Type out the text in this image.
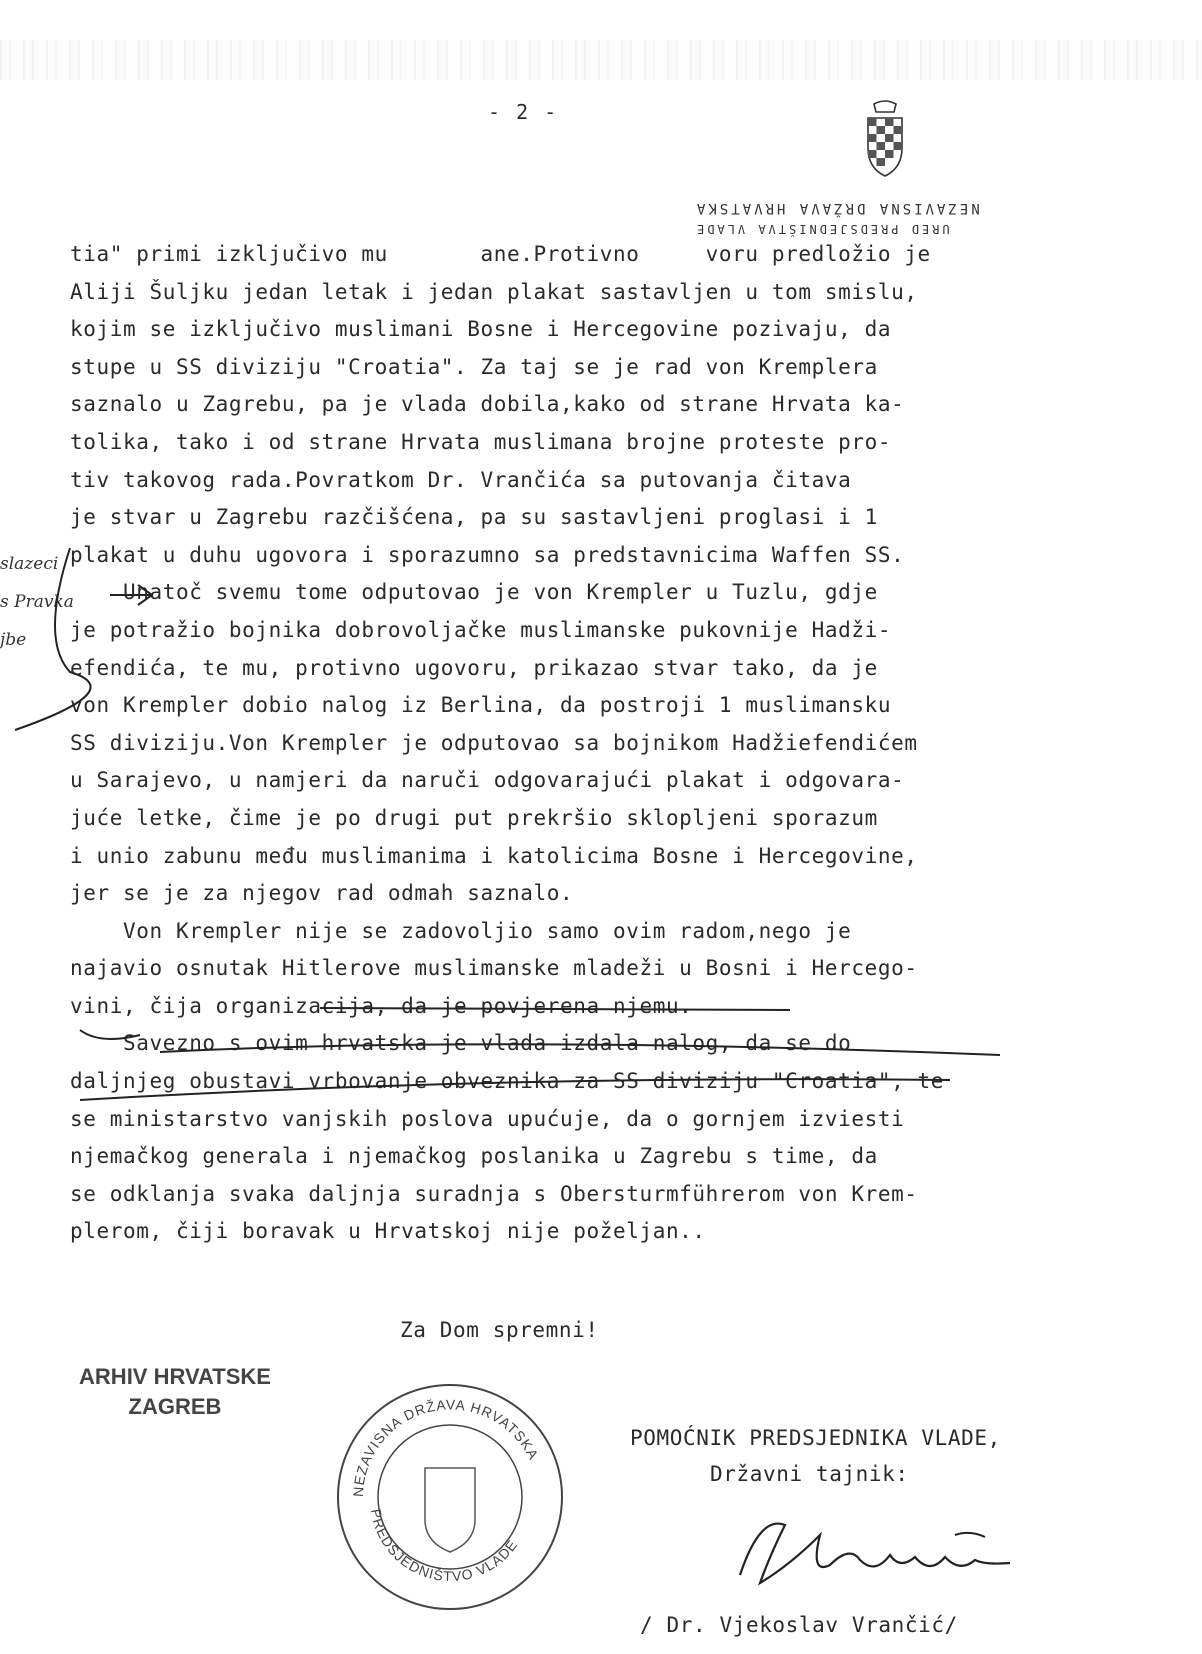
- 2 -
NEZAVISNA DRŽAVA HRVATSKA
URED PREDSJEDNIŠTVA VLADE
slazeci
s Pravka
jbe
tia" primi izključivo mu       ane.Protivno     voru predložio je
Aliji Šuljku jedan letak i jedan plakat sastavljen u tom smislu,
kojim se izključivo muslimani Bosne i Hercegovine pozivaju, da
stupe u SS diviziju "Croatia". Za taj se je rad von Kremplera
saznalo u Zagrebu, pa je vlada dobila,kako od strane Hrvata ka-
tolika, tako i od strane Hrvata muslimana brojne proteste pro-
tiv takovog rada.Povratkom Dr. Vrančića sa putovanja čitava
je stvar u Zagrebu razčišćena, pa su sastavljeni proglasi i 1
plakat u duhu ugovora i sporazumno sa predstavnicima Waffen SS.
Unatoč svemu tome odputovao je von Krempler u Tuzlu, gdje
je potražio bojnika dobrovoljačke muslimanske pukovnije Hadži-
efendića, te mu, protivno ugovoru, prikazao stvar tako, da je
von Krempler dobio nalog iz Berlina, da postroji 1 muslimansku
SS diviziju.Von Krempler je odputovao sa bojnikom Hadžiefendićem
u Sarajevo, u namjeri da naruči odgovarajući plakat i odgovara-
juće letke, čime je po drugi put prekršio sklopljeni sporazum
i unio zabunu među muslimanima i katolicima Bosne i Hercegovine,
jer se je za njegov rad odmah saznalo.
Von Krempler nije se zadovoljio samo ovim radom,nego je
najavio osnutak Hitlerove muslimanske mladeži u Bosni i Hercego-
vini, čija organizacija, da je povjerena njemu.
Savezno s ovim hrvatska je vlada izdala nalog, da se do
daljnjeg obustavi vrbovanje obveznika za SS diviziju "Croatia", te
se ministarstvo vanjskih poslova upućuje, da o gornjem izviesti
njemačkog generala i njemačkog poslanika u Zagrebu s time, da
se odklanja svaka daljnja suradnja s Obersturmführerom von Krem-
plerom, čiji boravak u Hrvatskoj nije poželjan..
Za Dom spremni!
ARHIV HRVATSKE
ZAGREB
NEZAVISNA DRŽAVA HRVATSKA
PREDSJEDNIŠTVO VLADE
POMOĆNIK PREDSJEDNIKA VLADE,
Državni tajnik:
/ Dr. Vjekoslav Vrančić/
